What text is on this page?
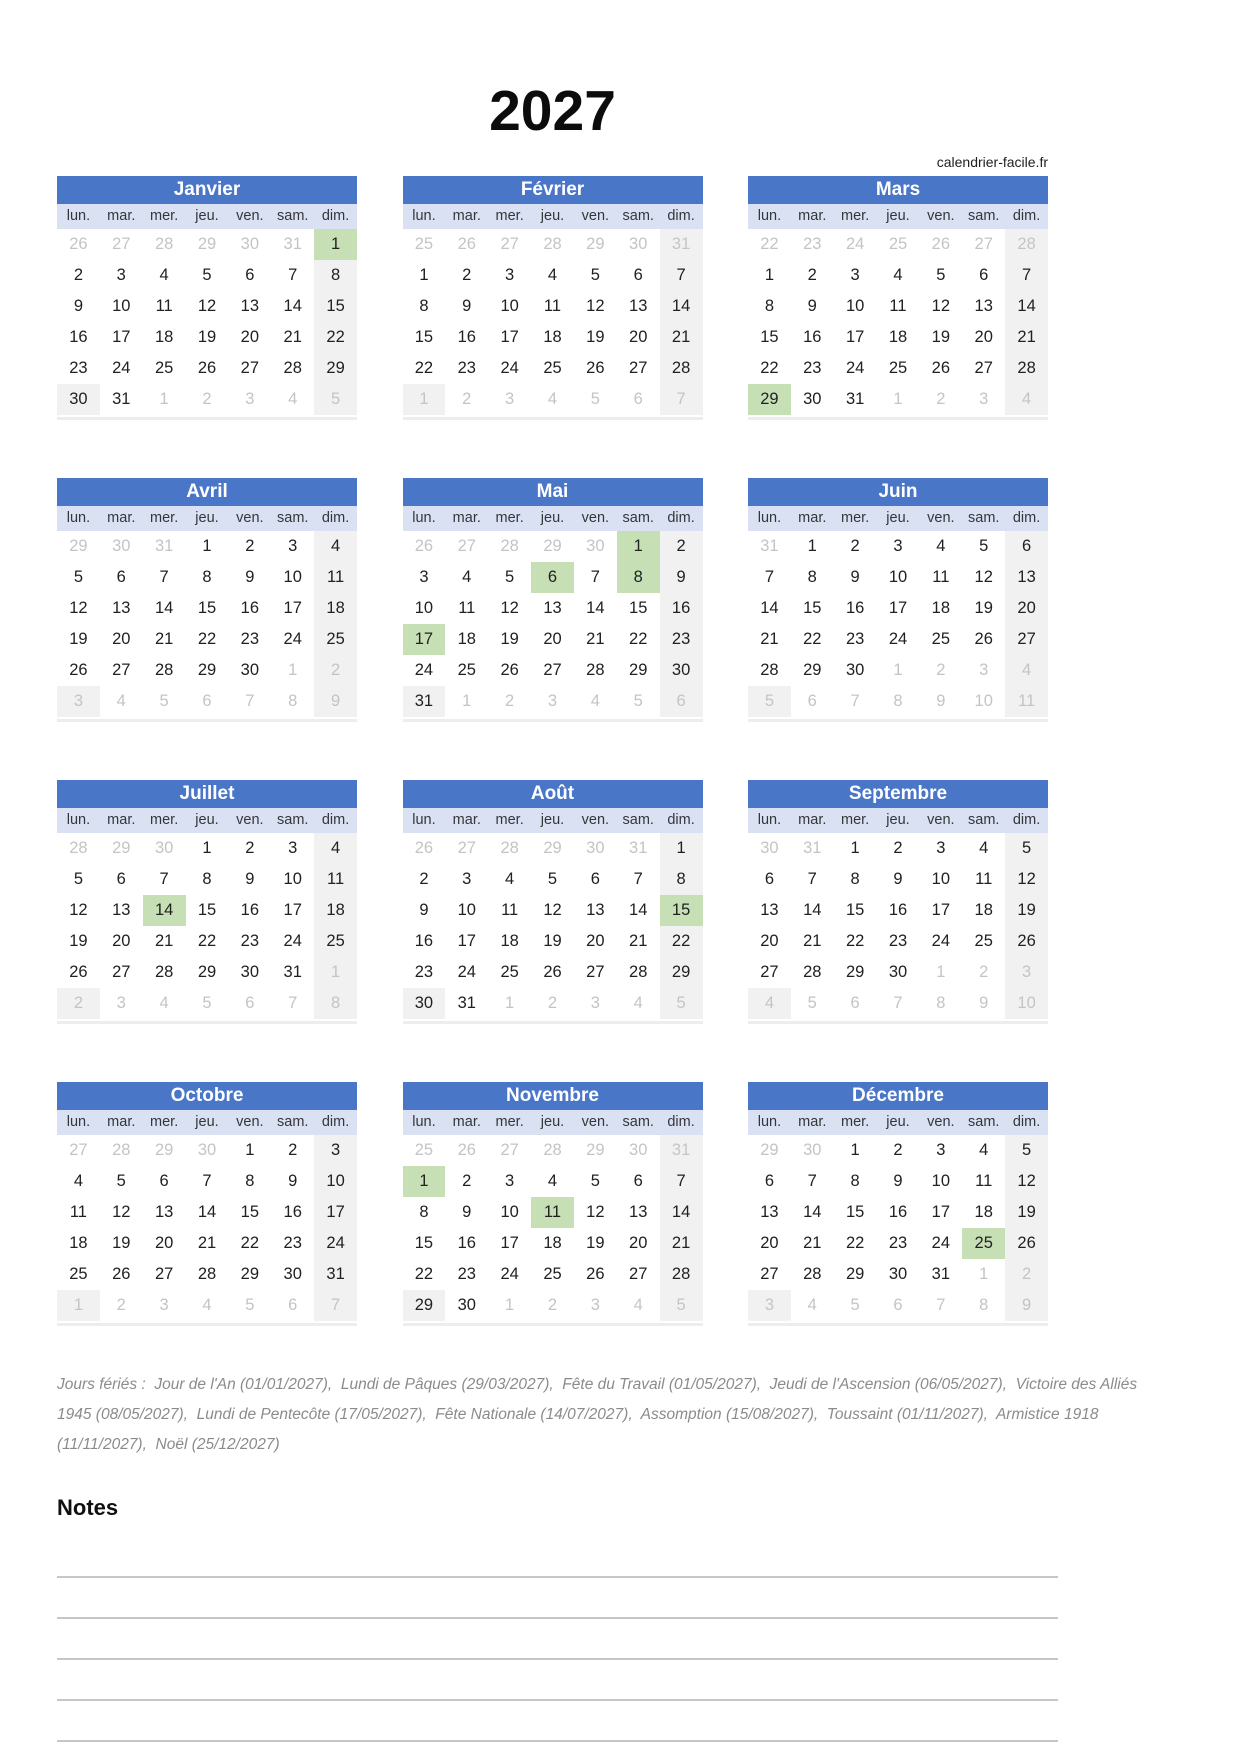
2027
calendrier-facile.fr
Janvier
lun.	mar.	mer.	jeu.	ven. sam. dim.
26	27	28	29	30	31	1
2	3	4	5	6	7	8
9	10	11	12	13	14	15
16	17	18	19	20	21	22
23	24	25	26	27	28	29
30	31	1	2	3	4	5
Février
lun.	mar.	mer.	jeu.	ven. sam. dim.
25	26	27	28	29	30	31
1	2	3	4	5	6	7
8	9	10	11	12	13	14
15	16	17	18	19	20	21
22	23	24	25	26	27	28
1	2	3	4	5	6	7
Mars
lun.	mar.	mer.	jeu.	ven. sam. dim.
22	23	24	25	26	27	28
1	2	3	4	5	6	7
8	9	10	11	12	13	14
15	16	17	18	19	20	21
22	23	24	25	26	27	28
29	30	31	1	2	3	4
Avril
lun.	mar.	mer.	jeu.	ven. sam. dim.
29	30	31	1	2	3	4
5	6	7	8	9	10	11
12	13	14	15	16	17	18
19	20	21	22	23	24	25
26	27	28	29	30	1	2
3	4	5	6	7	8	9
Mai
lun.	mar.	mer.	jeu.	ven. sam. dim.
26	27	28	29	30	1	2
3	4	5	6	7	8	9
10	11	12	13	14	15	16
17	18	19	20	21	22	23
24	25	26	27	28	29	30
31	1	2	3	4	5	6
Juin
lun.	mar.	mer.	jeu.	ven. sam. dim.
31	1	2	3	4	5	6
7	8	9	10	11	12	13
14	15	16	17	18	19	20
21	22	23	24	25	26	27
28	29	30	1	2	3	4
5	6	7	8	9	10	11
Juillet
lun.	mar.	mer.	jeu.	ven. sam. dim.
28	29	30	1	2	3	4
5	6	7	8	9	10	11
12	13	14	15	16	17	18
19	20	21	22	23	24	25
26	27	28	29	30	31	1
2	3	4	5	6	7	8
Août
lun.	mar.	mer.	jeu.	ven. sam. dim.
26	27	28	29	30	31	1
2	3	4	5	6	7	8
9	10	11	12	13	14	15
16	17	18	19	20	21	22
23	24	25	26	27	28	29
30	31	1	2	3	4	5
Septembre
lun.	mar.	mer.	jeu.	ven. sam. dim.
30	31	1	2	3	4	5
6	7	8	9	10	11	12
13	14	15	16	17	18	19
20	21	22	23	24	25	26
27	28	29	30	1	2	3
4	5	6	7	8	9	10
Octobre
lun.	mar.	mer.	jeu.	ven. sam. dim.
27	28	29	30	1	2	3
4	5	6	7	8	9	10
11	12	13	14	15	16	17
18	19	20	21	22	23	24
25	26	27	28	29	30	31
1	2	3	4	5	6	7
Novembre
lun.	mar.	mer.	jeu.	ven. sam. dim.
25	26	27	28	29	30	31
1	2	3	4	5	6	7
8	9	10	11	12	13	14
15	16	17	18	19	20	21
22	23	24	25	26	27	28
29	30	1	2	3	4	5
Décembre
lun.	mar.	mer.	jeu.	ven. sam. dim.
29	30	1	2	3	4	5
6	7	8	9	10	11	12
13	14	15	16	17	18	19
20	21	22	23	24	25	26
27	28	29	30	31	1	2
3	4	5	6	7	8	9

Jours fériés :  Jour de l'An (01/01/2027),  Lundi de Pâques (29/03/2027),  Fête du Travail (01/05/2027),  Jeudi de l'Ascension (06/05/2027),  Victoire des Alliés 1945 (08/05/2027),  Lundi de Pentecôte (17/05/2027),  Fête Nationale (14/07/2027),  Assomption (15/08/2027),  Toussaint (01/11/2027),  Armistice 1918 (11/11/2027),  Noël (25/12/2027)

Notes
